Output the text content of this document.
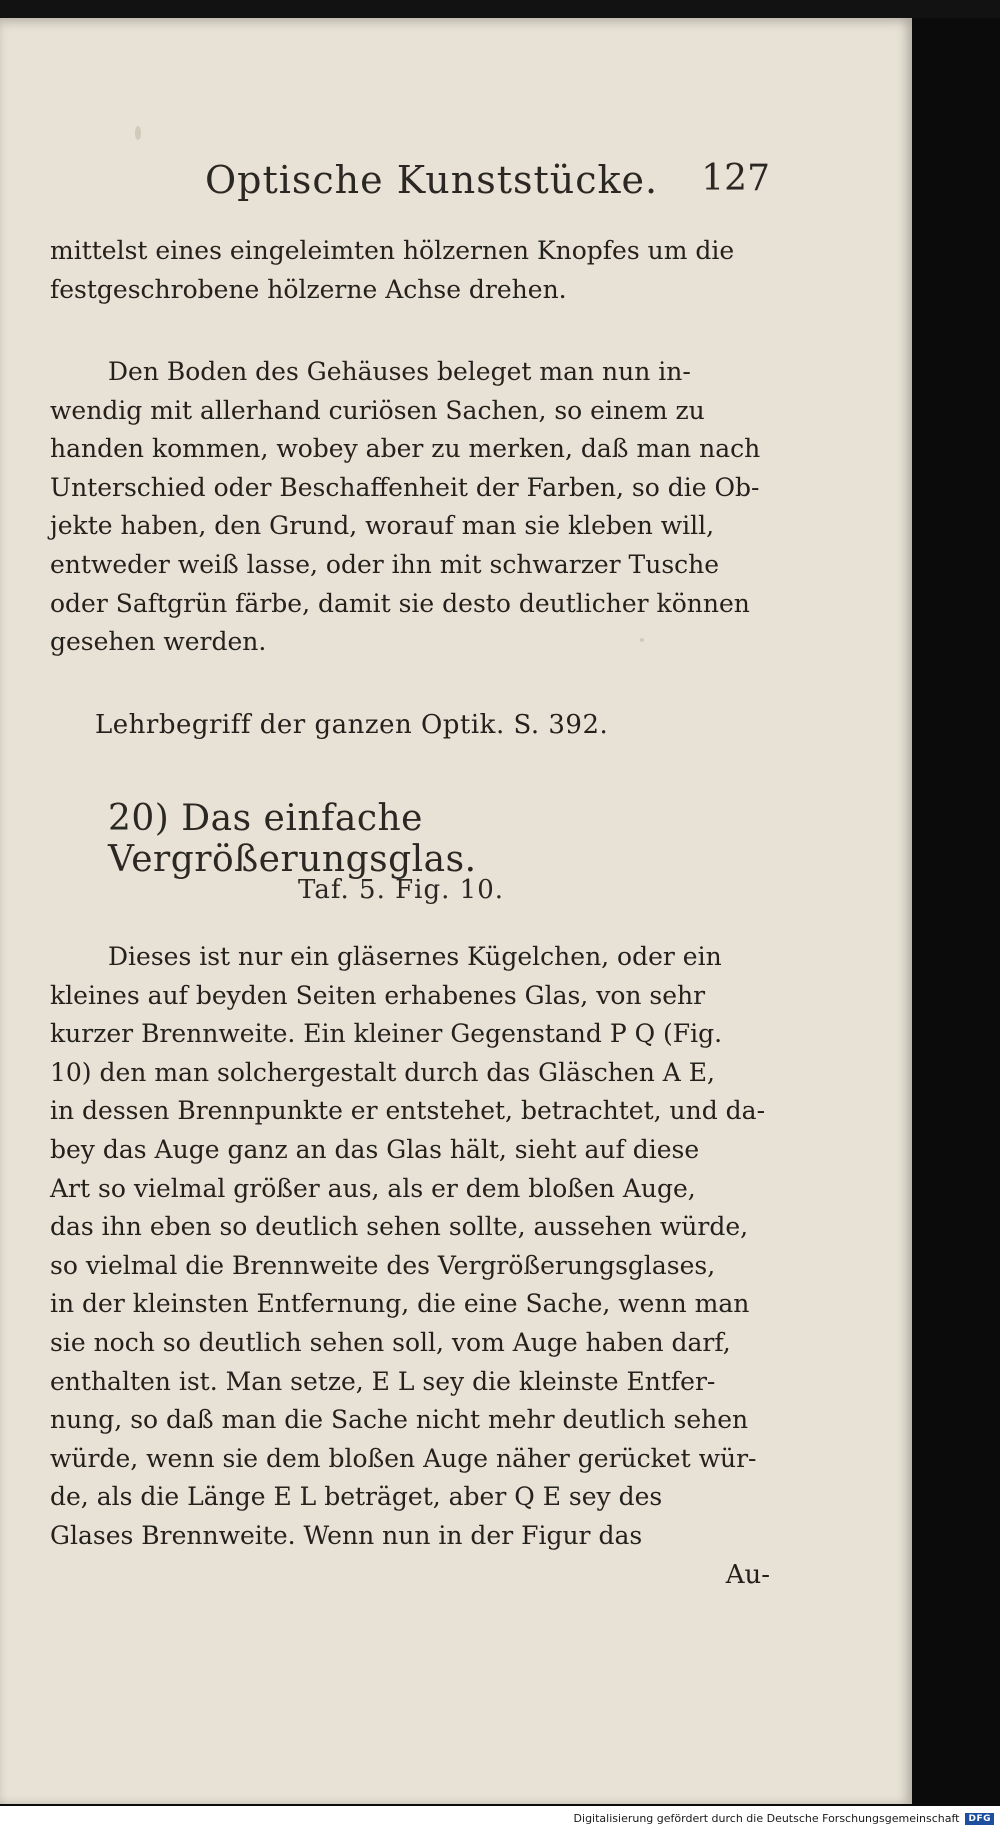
Optische Kunststücke. 127

mittelst eines eingeleimten hölzernen Knopfes um die
festgeschrobene hölzerne Achse drehen.

Den Boden des Gehäuses beleget man nun in-
wendig mit allerhand curiösen Sachen, so einem zu
handen kommen, wobey aber zu merken, daß man nach
Unterschied oder Beschaffenheit der Farben, so die Ob-
jekte haben, den Grund, worauf man sie kleben will,
entweder weiß lasse, oder ihn mit schwarzer Tusche
oder Saftgrün färbe, damit sie desto deutlicher können
gesehen werden.

Lehrbegriff der ganzen Optik. S. 392.
20) Das einfache Vergrößerungsglas.
Taf. 5. Fig. 10.

Dieses ist nur ein gläsernes Kügelchen, oder ein
kleines auf beyden Seiten erhabenes Glas, von sehr
kurzer Brennweite. Ein kleiner Gegenstand P Q (Fig.
10) den man solchergestalt durch das Gläschen A E,
in dessen Brennpunkte er entstehet, betrachtet, und da-
bey das Auge ganz an das Glas hält, sieht auf diese
Art so vielmal größer aus, als er dem bloßen Auge,
das ihn eben so deutlich sehen sollte, aussehen würde,
so vielmal die Brennweite des Vergrößerungsglases,
in der kleinsten Entfernung, die eine Sache, wenn man
sie noch so deutlich sehen soll, vom Auge haben darf,
enthalten ist. Man setze, E L sey die kleinste Entfer-
nung, so daß man die Sache nicht mehr deutlich sehen
würde, wenn sie dem bloßen Auge näher gerücket wür-
de, als die Länge E L beträget, aber Q E sey des
Glases Brennweite. Wenn nun in der Figur das

Au-
Digitalisierung gefördert durch die Deutsche Forschungsgemeinschaft	DFG
